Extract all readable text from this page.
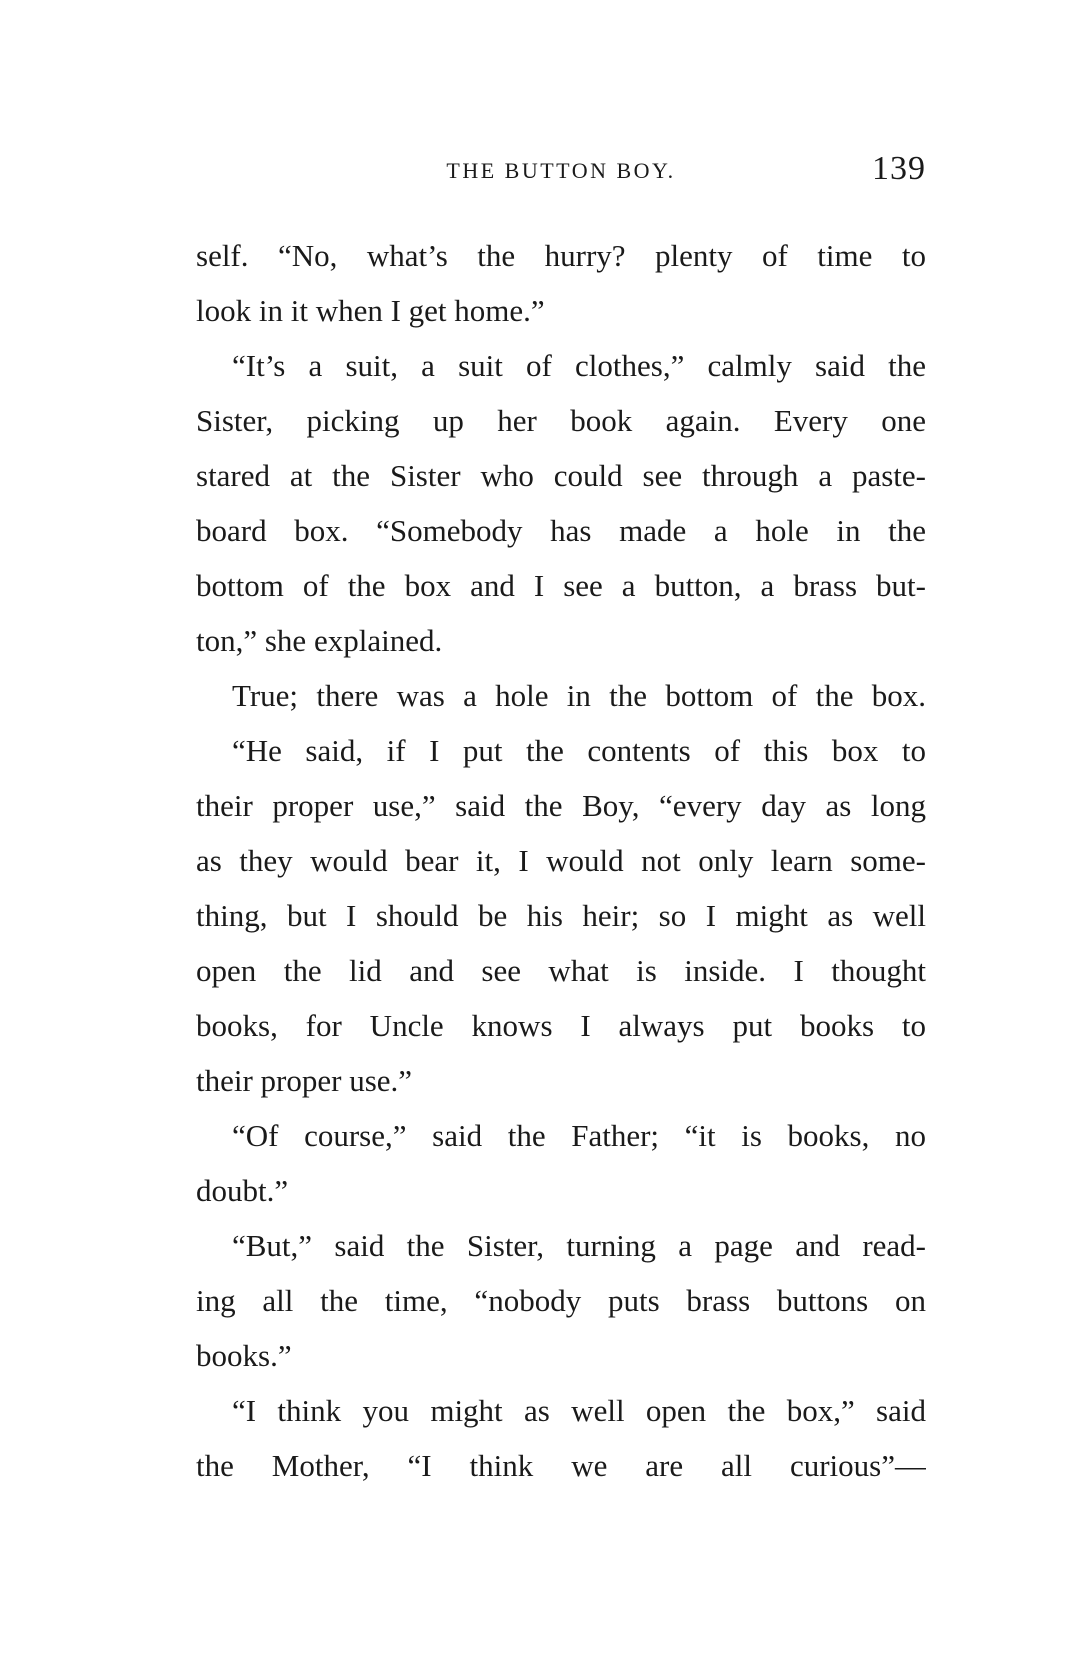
THE BUTTON BOY.	139
self. “No, what’s the hurry? plenty of time to
look in it when I get home.”
“It’s a suit, a suit of clothes,” calmly said the
Sister, picking up her book again. Every one
stared at the Sister who could see through a paste-
board box. “Somebody has made a hole in the
bottom of the box and I see a button, a brass but-
ton,” she explained.
True; there was a hole in the bottom of the box.
“He said, if I put the contents of this box to
their proper use,” said the Boy, “every day as long
as they would bear it, I would not only learn some-
thing, but I should be his heir; so I might as well
open the lid and see what is inside. I thought
books, for Uncle knows I always put books to
their proper use.”
“Of course,” said the Father; “it is books, no
doubt.”
“But,” said the Sister, turning a page and read-
ing all the time, “nobody puts brass buttons on
books.”
“I think you might as well open the box,” said
the Mother, “I think we are all curious”—
